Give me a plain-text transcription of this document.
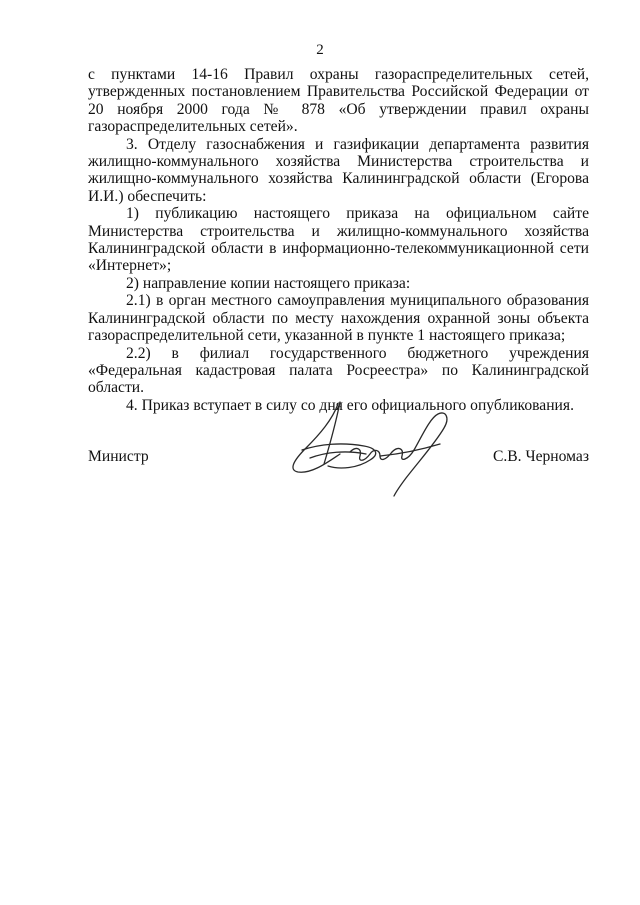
2

с пунктами 14-16 Правил охраны газораспределительных сетей, утвержденных постановлением Правительства Российской Федерации от 20 ноября 2000 года № 878 «Об утверждении правил охраны газораспределительных сетей».

3. Отделу газоснабжения и газификации департамента развития жилищно-коммунального хозяйства Министерства строительства и жилищно-коммунального хозяйства Калининградской области (Егорова И.И.) обеспечить:

1) публикацию настоящего приказа на официальном сайте Министерства строительства и жилищно-коммунального хозяйства Калининградской области в информационно-телекоммуникационной сети «Интернет»;

2) направление копии настоящего приказа:

2.1) в орган местного самоуправления муниципального образования Калининградской области по месту нахождения охранной зоны объекта газораспределительной сети, указанной в пункте 1 настоящего приказа;

2.2) в филиал государственного бюджетного учреждения «Федеральная кадастровая палата Росреестра» по Калининградской области.

4. Приказ вступает в силу со дня его официального опубликования.

Министр	С.В. Черномаз
